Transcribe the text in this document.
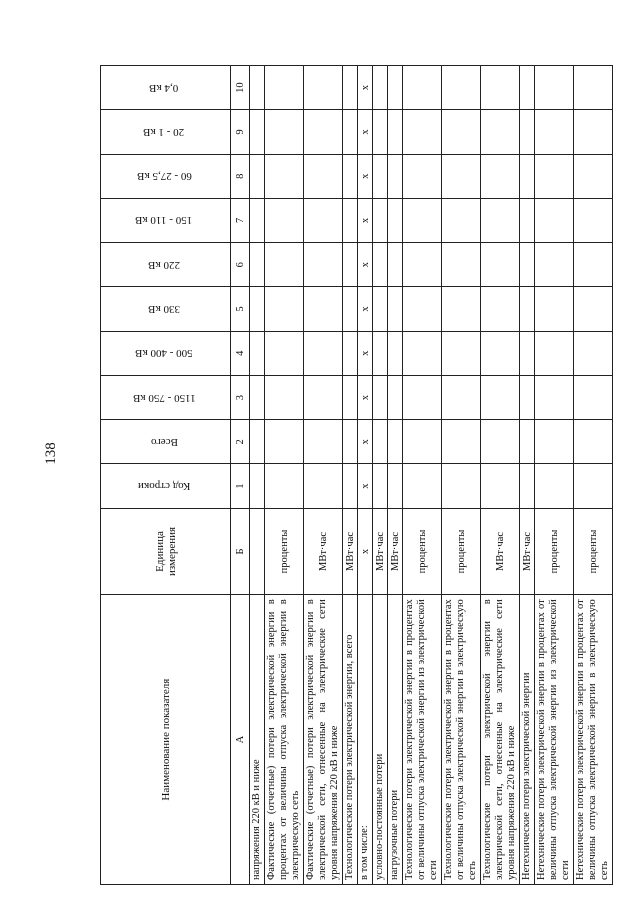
138
Наименование показателя	Единица измерения	Код строки	Всего	1150 - 750 кВ	500 - 400 кВ	330 кВ	220 кВ	150 - 110 кВ	60 - 27,5 кВ	20 - 1 кВ	0,4 кВ
А	Б	1	2	3	4	5	6	7	8	9	10
напряжения 220 кВ и ниже											
Фактические (отчетные) потери электрической энергии в процентах от величины отпуска электрической энергии в электрическую сеть	проценты										
Фактические (отчетные) потери электрической энергии в электрической сети, отнесенные на электрические сети уровня напряжения 220 кВ и ниже	МВт·час										
Технологические потери электрической энергии, всего	МВт·час										
в том числе:	x	x	x	x	x	x	x	x	x	x	x
условно-постоянные потери	МВт·час										
нагрузочные потери	МВт·час										
Технологические потери электрической энергии в процентах от величины отпуска электрической энергии из электрической сети	проценты										
Технологические потери электрической энергии в процентах от величины отпуска электрической энергии в электрическую сеть	проценты										
Технологические потери электрической энергии в электрической сети, отнесенные на электрические сети уровня напряжения 220 кВ и ниже	МВт·час										
Нетехнические потери электрической энергии	МВт·час										
Нетехнические потери электрической энергии в процентах от величины отпуска электрической энергии из электрической сети	проценты										
Нетехнические потери электрической энергии в процентах от величины отпуска электрической энергии в электрическую сеть	проценты										
